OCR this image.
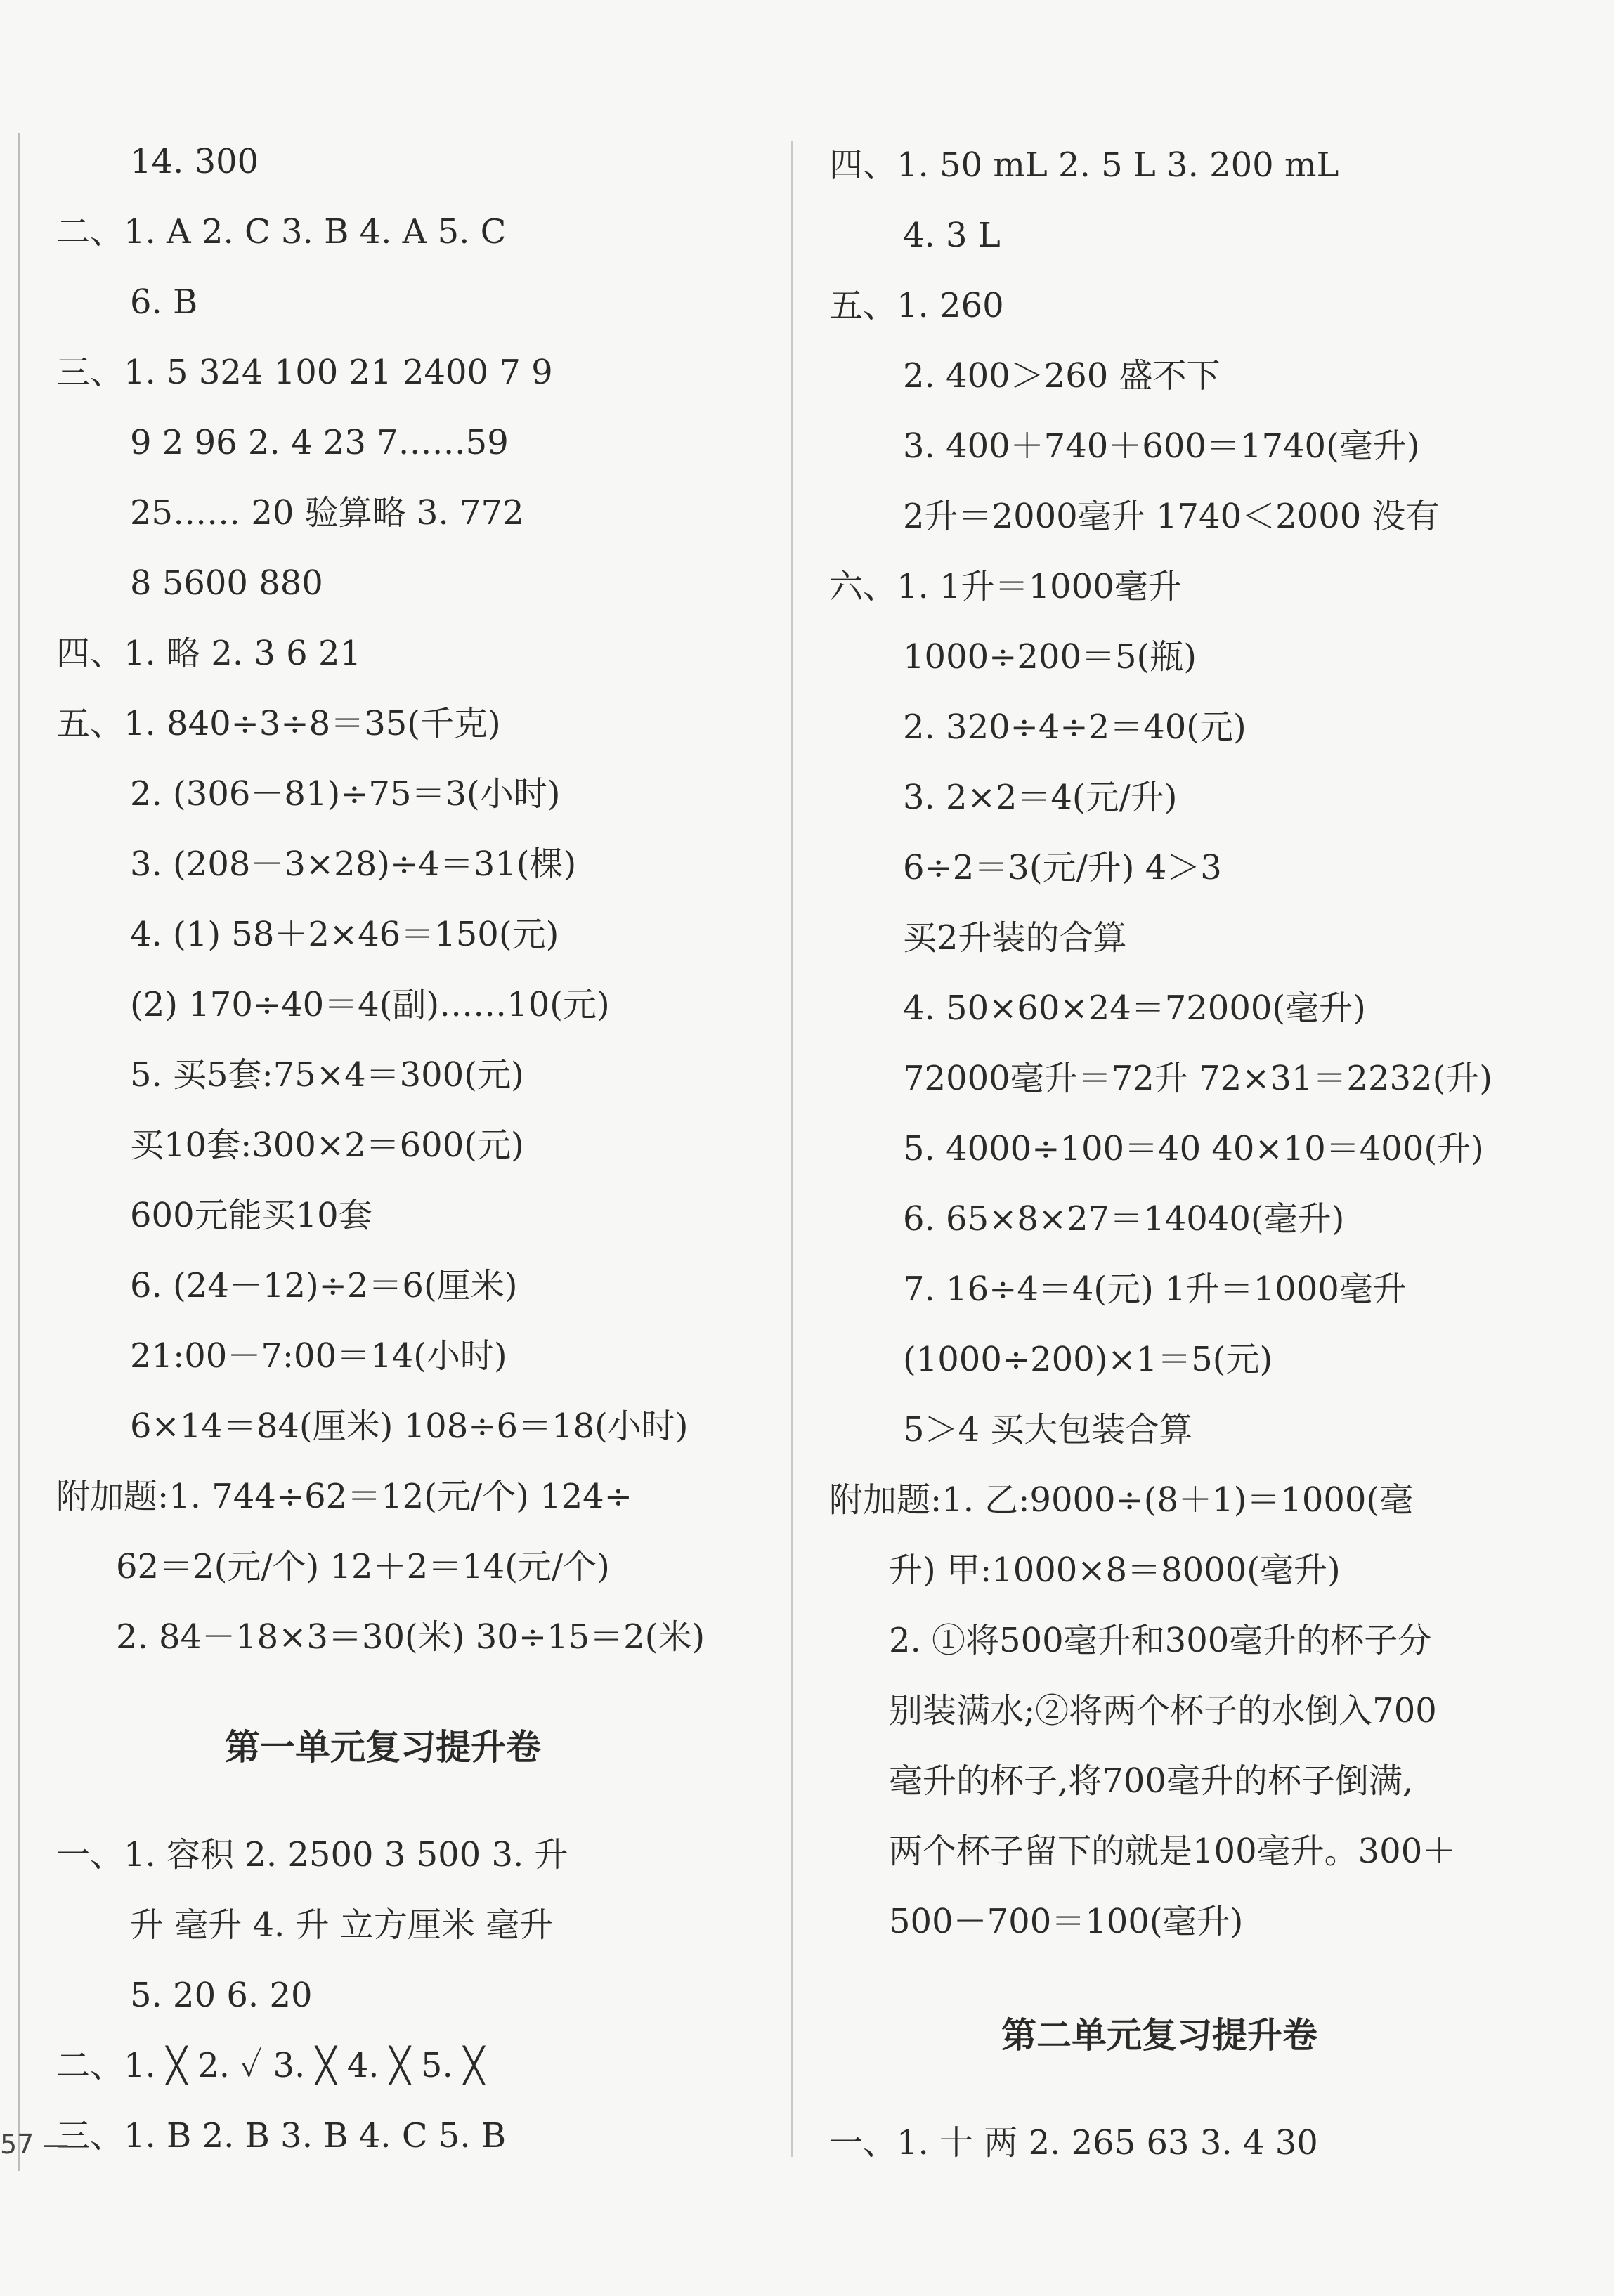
14. 300
二、1. A 2. C 3. B 4. A 5. C
6. B
三、1. 5 324 100 21 2400 7 9
9 2 96 2. 4 23 7……59
25…… 20 验算略 3. 772
8 5600 880
四、1. 略 2. 3 6 21
五、1. 840÷3÷8＝35(千克)
2. (306－81)÷75＝3(小时)
3. (208－3×28)÷4＝31(棵)
4. (1) 58＋2×46＝150(元)
(2) 170÷40＝4(副)……10(元)
5. 买5套:75×4＝300(元)
买10套:300×2＝600(元)
600元能买10套
6. (24－12)÷2＝6(厘米)
21:00－7:00＝14(小时)
6×14＝84(厘米) 108÷6＝18(小时)
附加题:1. 744÷62＝12(元/个) 124÷
62＝2(元/个) 12＋2＝14(元/个)
2. 84－18×3＝30(米) 30÷15＝2(米)
第一单元复习提升卷
一、1. 容积 2. 2500 3 500 3. 升
升 毫升 4. 升 立方厘米 毫升
5. 20 6. 20
二、1. ╳ 2. ✓ 3. ╳ 4. ╳ 5. ╳
三、1. B 2. B 3. B 4. C 5. B
57 —
四、1. 50 mL 2. 5 L 3. 200 mL
4. 3 L
五、1. 260
2. 400＞260 盛不下
3. 400＋740＋600＝1740(毫升)
2升＝2000毫升 1740＜2000 没有
六、1. 1升＝1000毫升
1000÷200＝5(瓶)
2. 320÷4÷2＝40(元)
3. 2×2＝4(元/升)
6÷2＝3(元/升) 4＞3
买2升装的合算
4. 50×60×24＝72000(毫升)
72000毫升＝72升 72×31＝2232(升)
5. 4000÷100＝40 40×10＝400(升)
6. 65×8×27＝14040(毫升)
7. 16÷4＝4(元) 1升＝1000毫升
(1000÷200)×1＝5(元)
5＞4 买大包装合算
附加题:1. 乙:9000÷(8＋1)＝1000(毫
升) 甲:1000×8＝8000(毫升)
2. ①将500毫升和300毫升的杯子分
别装满水;②将两个杯子的水倒入700
毫升的杯子,将700毫升的杯子倒满,
两个杯子留下的就是100毫升。300＋
500－700＝100(毫升)
第二单元复习提升卷
一、1. 十 两 2. 265 63 3. 4 30
